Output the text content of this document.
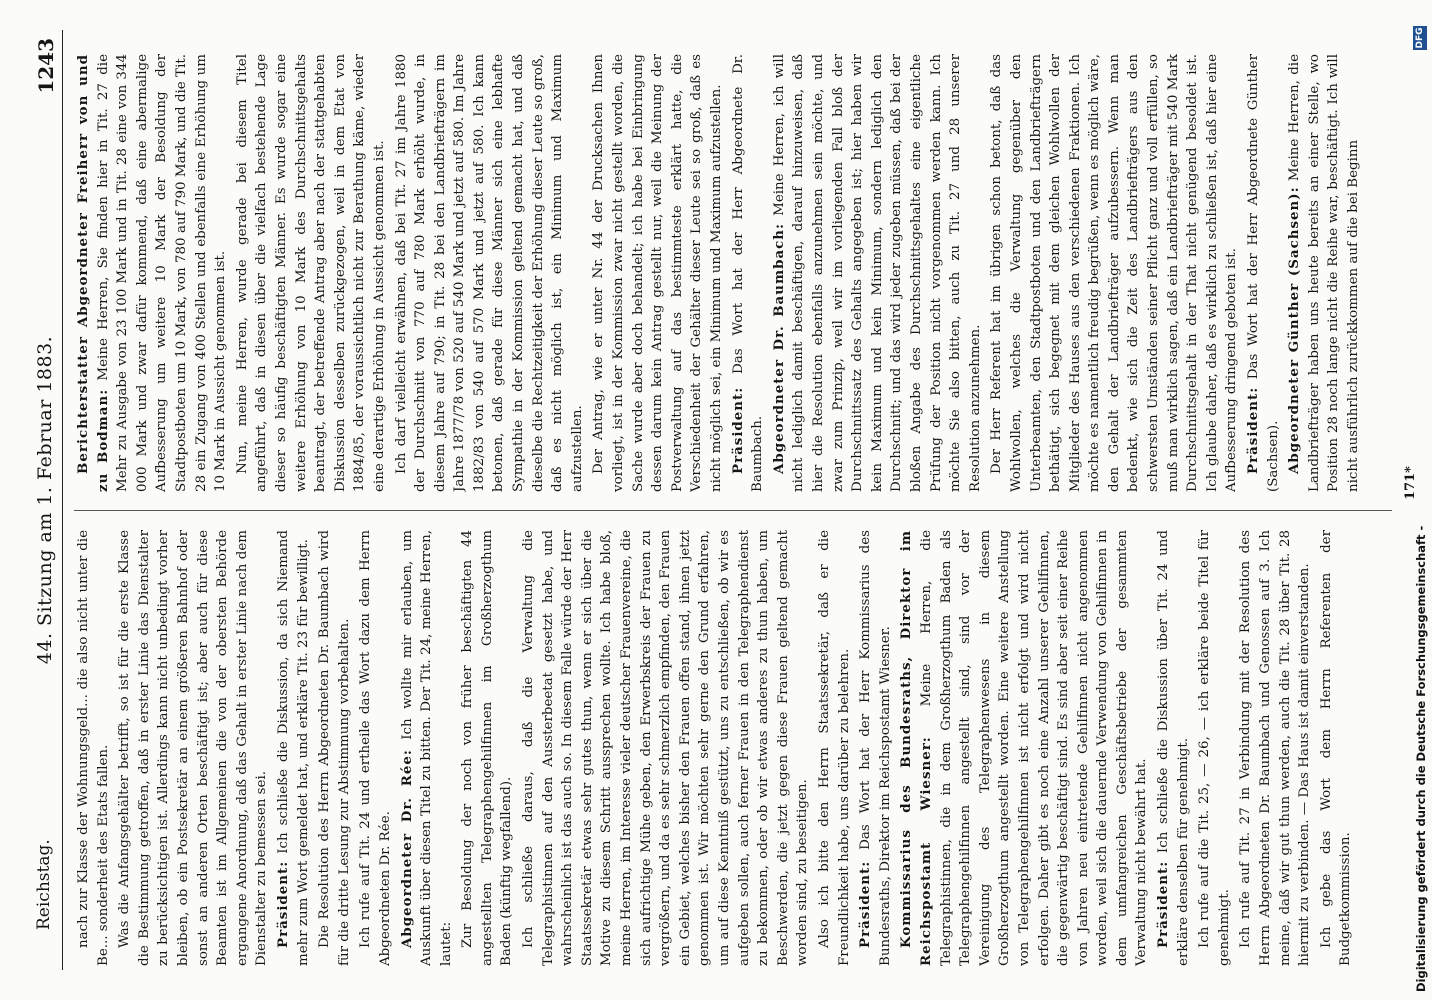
Reichstag.
44. Sitzung am 1. Februar 1883.
1243

nach zur Klasse der Wohnungsgeld... die also nicht unter die Be... sonderheit des Etats fallen. Was die Anfangsgehälter betrifft, so ist für die erste Klasse die Bestimmung getroffen, daß in erster Linie das Dienstalter zu berücksichtigen ist. Allerdings kann nicht unbedingt vorher bleiben, ob ein Postsekretär an einem größeren Bahnhof oder sonst an anderen Orten beschäftigt ist; aber auch für diese Beamten ist im Allgemeinen die von der obersten Behörde ergangene Anordnung, daß das Gehalt in erster Linie nach dem Dienstalter zu bemessen sei. Präsident: Ich schließe die Diskussion, da sich Niemand mehr zum Wort gemeldet hat, und erkläre Tit. 23 für bewilligt. Die Resolution des Herrn Abgeordneten Dr. Baumbach wird für die dritte Lesung zur Abstimmung vorbehalten. Ich rufe auf Tit. 24 und ertheile das Wort dazu dem Herrn Abgeordneten Dr. Rée. Abgeordneter Dr. Rée: Ich wollte mir erlauben, um Auskunft über diesen Titel zu bitten. Der Tit. 24, meine Herren, lautet: Zur Besoldung der noch von früher beschäftigten 44 angestellten Telegraphengehilfinnen im Großherzogthum Baden (künftig wegfallend). Ich schließe daraus, daß die Verwaltung die Telegraphistinnen auf den Aussterbeetat gesetzt habe, und wahrscheinlich ist das auch so. In diesem Falle würde der Herr Staatssekretär etwas sehr gutes thun, wenn er sich über die Motive zu diesem Schritt aussprechen wollte. Ich habe bloß, meine Herren, im Interesse vieler deutscher Frauenvereine, die sich aufrichtige Mühe geben, den Erwerbskreis der Frauen zu vergrößern, und da es sehr schmerzlich empfinden, den Frauen ein Gebiet, welches bisher den Frauen offen stand, ihnen jetzt genommen ist. Wir möchten sehr gerne den Grund erfahren, um auf diese Kenntniß gestützt, uns zu entschließen, ob wir es aufgeben sollen, auch ferner Frauen in den Telegraphendienst zu bekommen, oder ob wir etwas anderes zu thun haben, um Beschwerden, die jetzt gegen diese Frauen geltend gemacht worden sind, zu beseitigen. Also ich bitte den Herrn Staatssekretär, daß er die Freundlichkeit habe, uns darüber zu belehren. Präsident: Das Wort hat der Herr Kommissarius des Bundesraths, Direktor im Reichspostamt Wiesner. Kommissarius des Bundesraths, Direktor im Reichspostamt Wiesner: Meine Herren, die Telegraphistinnen, die in dem Großherzogthum Baden als Telegraphengehilfinnen angestellt sind, sind vor der Vereinigung des Telegraphenwesens in diesem Großherzogthum angestellt worden. Eine weitere Anstellung von Telegraphengehilfinnen ist nicht erfolgt und wird nicht erfolgen. Daher gibt es noch eine Anzahl unserer Gehilfinnen, die gegenwärtig beschäftigt sind. Es sind aber seit einer Reihe von Jahren neu eintretende Gehilfinnen nicht angenommen worden, weil sich die dauernde Verwendung von Gehilfinnen in dem umfangreichen Geschäftsbetriebe der gesammten Verwaltung nicht bewährt hat. Präsident: Ich schließe die Diskussion über Tit. 24 und erkläre denselben für genehmigt. Ich rufe auf die Tit. 25, — 26, — ich erkläre beide Titel für genehmigt. Ich rufe auf Tit. 27 in Verbindung mit der Resolution des Herrn Abgeordneten Dr. Baumbach und Genossen auf 3. Ich meine, daß wir gut thun werden, auch die Tit. 28 über Tit. 28 hiermit zu verbinden. — Das Haus ist damit einverstanden. Ich gebe das Wort dem Herrn Referenten der Budgetkommission.

Berichterstatter Abgeordneter Freiherr von und zu Bodman: Meine Herren, Sie finden hier in Tit. 27 die Mehr zu Ausgabe von 23 100 Mark und in Tit. 28 eine von 344 000 Mark und zwar dafür kommend, daß eine abermalige Aufbesserung um weitere 10 Mark der Besoldung der Stadtpostboten um 10 Mark, von 780 auf 790 Mark, und die Tit. 28 ein Zugang von 400 Stellen und ebenfalls eine Erhöhung um 10 Mark in Aussicht genommen ist. Nun, meine Herren, wurde gerade bei diesem Titel angeführt, daß in diesen über die vielfach bestehende Lage dieser so häufig beschäftigten Männer. Es wurde sogar eine weitere Erhöhung von 10 Mark des Durchschnittsgehalts beantragt, der betreffende Antrag aber nach der stattgehabten Diskussion desselben zurückgezogen, weil in dem Etat von 1884/85, der voraussichtlich nicht zur Berathung käme, wieder eine derartige Erhöhung in Aussicht genommen ist. Ich darf vielleicht erwähnen, daß bei Tit. 27 im Jahre 1880 der Durchschnitt von 770 auf 780 Mark erhöht wurde, in diesem Jahre auf 790; in Tit. 28 bei den Landbriefträgern im Jahre 1877/78 von 520 auf 540 Mark und jetzt auf 580. Im Jahre 1882/83 von 540 auf 570 Mark und jetzt auf 580. Ich kann betonen, daß gerade für diese Männer sich eine lebhafte Sympathie in der Kommission geltend gemacht hat, und daß dieselbe die Rechtzeitigkeit der Erhöhung dieser Leute so groß, daß es nicht möglich ist, ein Minimum und Maximum aufzustellen. Der Antrag, wie er unter Nr. 44 der Drucksachen Ihnen vorliegt, ist in der Kommission zwar nicht gestellt worden, die Sache wurde aber doch behandelt; ich habe bei Einbringung dessen darum kein Antrag gestellt nur, weil die Meinung der Postverwaltung auf das bestimmteste erklärt hatte, die Verschiedenheit der Gehälter dieser Leute sei so groß, daß es nicht möglich sei, ein Minimum und Maximum aufzustellen. Präsident: Das Wort hat der Herr Abgeordnete Dr. Baumbach. Abgeordneter Dr. Baumbach: Meine Herren, ich will nicht lediglich damit beschäftigen, darauf hinzuweisen, daß hier die Resolution ebenfalls anzunehmen sein möchte, und zwar zum Prinzip, weil wir im vorliegenden Fall bloß der Durchschnittssatz des Gehalts angegeben ist; hier haben wir kein Maximum und kein Minimum, sondern lediglich den Durchschnitt; und das wird jeder zugeben müssen, daß bei der bloßen Angabe des Durchschnittsgehaltes eine eigentliche Prüfung der Position nicht vorgenommen werden kann. Ich möchte Sie also bitten, auch zu Tit. 27 und 28 unserer Resolution anzunehmen. Der Herr Referent hat im übrigen schon betont, daß das Wohlwollen, welches die Verwaltung gegenüber den Unterbeamten, den Stadtpostboten und den Landbriefträgern bethätigt, sich begegnet mit dem gleichen Wohlwollen der Mitglieder des Hauses aus den verschiedenen Fraktionen. Ich möchte es namentlich freudig begrüßen, wenn es möglich wäre, den Gehalt der Landbriefträger aufzubessern. Wenn man bedenkt, wie sich die Zeit des Landbriefträgers aus den schwersten Umständen seiner Pflicht ganz und voll erfüllen, so muß man wirklich sagen, daß ein Landbriefträger mit 540 Mark Durchschnittsgehalt in der That nicht genügend besoldet ist. Ich glaube daher, daß es wirklich zu schließen ist, daß hier eine Aufbesserung dringend geboten ist. Präsident: Das Wort hat der Herr Abgeordnete Günther (Sachsen). Abgeordneter Günther (Sachsen): Meine Herren, die Landbriefträger haben uns heute bereits an einer Stelle, wo Position 28 noch lange nicht die Reihe war, beschäftigt. Ich will nicht ausführlich zurückkommen auf die bei Beginn	171*
Digitalisierung gefördert durch die Deutsche Forschungsgemeinschaft -
DFG
